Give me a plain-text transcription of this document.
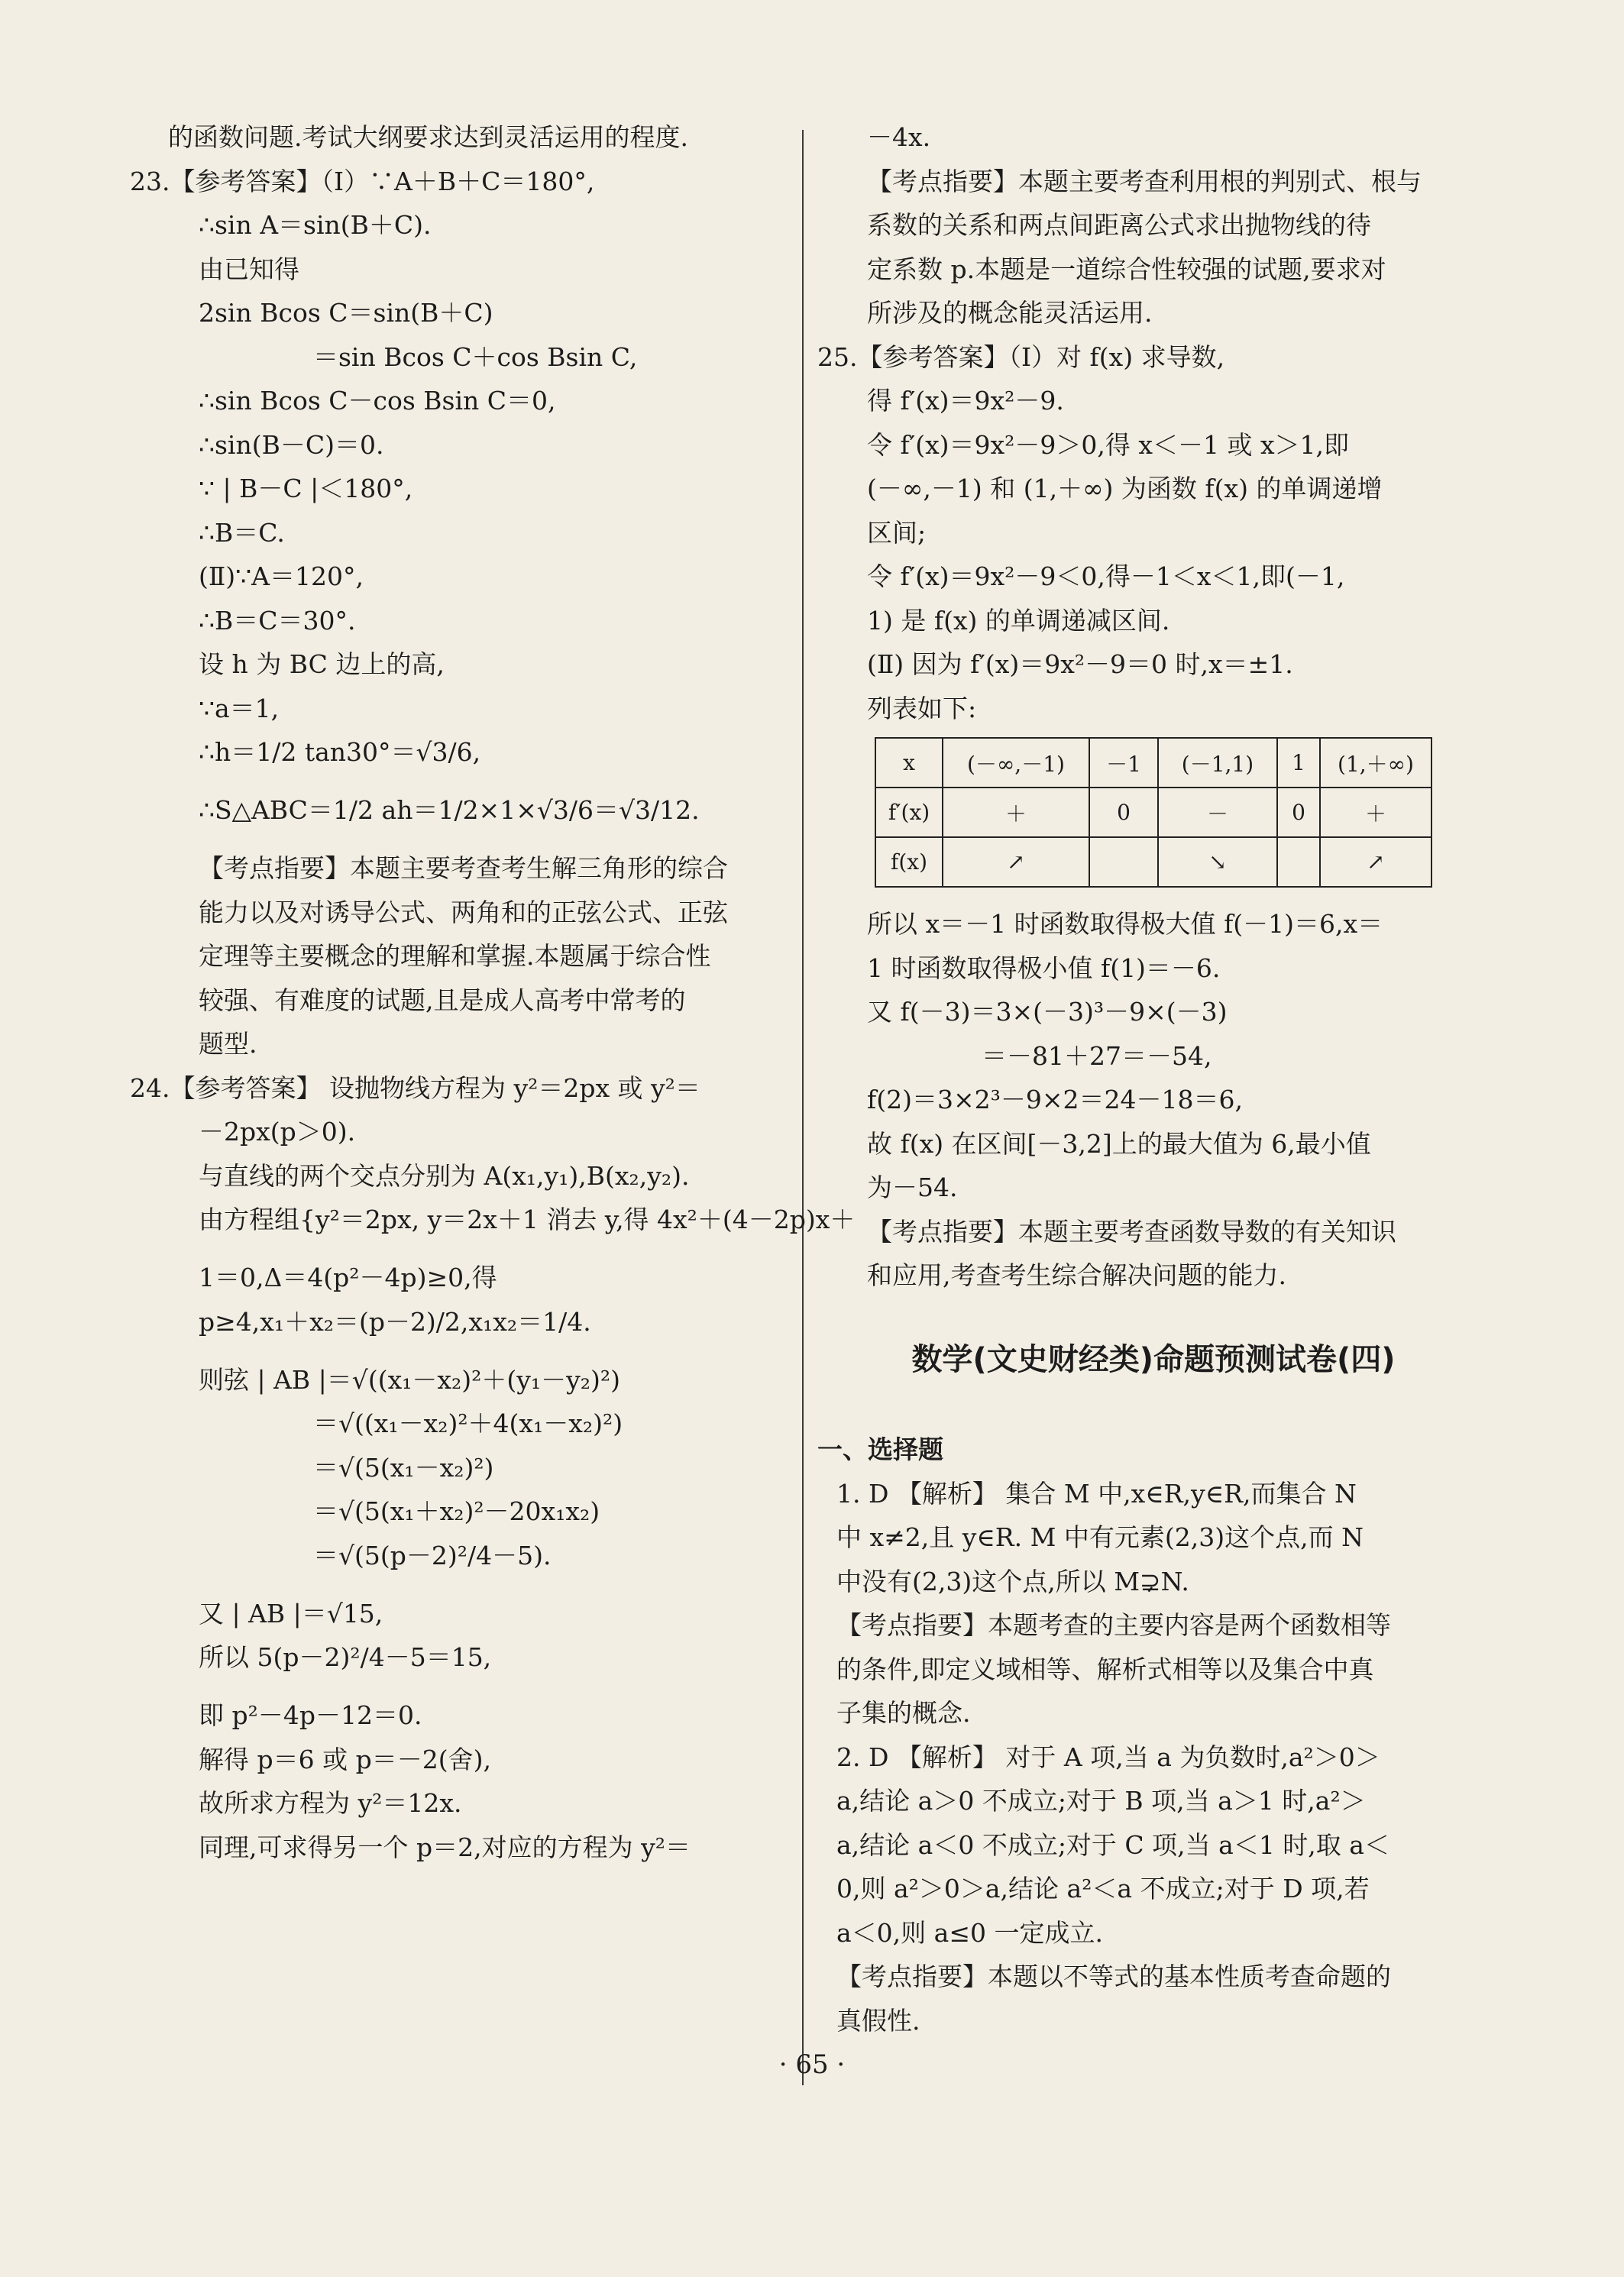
的函数问题.考试大纲要求达到灵活运用的程度.
23.【参考答案】（Ⅰ）∵A＋B＋C＝180°,
∴sin A＝sin(B＋C).
由已知得
2sin Bcos C＝sin(B＋C)
＝sin Bcos C＋cos Bsin C,
∴sin Bcos C－cos Bsin C＝0,
∴sin(B－C)＝0.
∵ | B－C |＜180°,
∴B＝C.
(Ⅱ)∵A＝120°,
∴B＝C＝30°.
设 h 为 BC 边上的高,
∵a＝1,
∴h＝1/2 tan30°＝√3/6,
∴S△ABC＝1/2 ah＝1/2×1×√3/6＝√3/12.
【考点指要】本题主要考查考生解三角形的综合
能力以及对诱导公式、两角和的正弦公式、正弦
定理等主要概念的理解和掌握.本题属于综合性
较强、有难度的试题,且是成人高考中常考的
题型.
24.【参考答案】 设抛物线方程为 y²＝2px 或 y²＝
－2px(p＞0).
与直线的两个交点分别为 A(x₁,y₁),B(x₂,y₂).
由方程组{y²＝2px, y＝2x＋1 消去 y,得 4x²＋(4－2p)x＋
1＝0,Δ＝4(p²－4p)≥0,得
p≥4,x₁＋x₂＝(p－2)/2,x₁x₂＝1/4.
则弦 | AB |＝√((x₁－x₂)²＋(y₁－y₂)²)
＝√((x₁－x₂)²＋4(x₁－x₂)²)
＝√(5(x₁－x₂)²)
＝√(5(x₁＋x₂)²－20x₁x₂)
＝√(5(p－2)²/4－5).
又 | AB |＝√15,
所以 5(p－2)²/4－5＝15,
即 p²－4p－12＝0.
解得 p＝6 或 p＝－2(舍),
故所求方程为 y²＝12x.
同理,可求得另一个 p＝2,对应的方程为 y²＝
－4x.
【考点指要】本题主要考查利用根的判别式、根与
系数的关系和两点间距离公式求出抛物线的待
定系数 p.本题是一道综合性较强的试题,要求对
所涉及的概念能灵活运用.
25.【参考答案】（Ⅰ）对 f(x) 求导数,
得 f′(x)＝9x²－9.
令 f′(x)＝9x²－9＞0,得 x＜－1 或 x＞1,即
(－∞,－1) 和 (1,＋∞) 为函数 f(x) 的单调递增
区间;
令 f′(x)＝9x²－9＜0,得－1＜x＜1,即(－1,
1) 是 f(x) 的单调递减区间.
(Ⅱ) 因为 f′(x)＝9x²－9＝0 时,x＝±1.
列表如下:
x	(－∞,－1)	－1	(－1,1)	1	(1,＋∞)
f′(x)	＋	0	－	0	＋
f(x)	↗		↘		↗
所以 x＝－1 时函数取得极大值 f(－1)＝6,x＝
1 时函数取得极小值 f(1)＝－6.
又 f(－3)＝3×(－3)³－9×(－3)
＝－81＋27＝－54,
f(2)＝3×2³－9×2＝24－18＝6,
故 f(x) 在区间[－3,2]上的最大值为 6,最小值
为－54.
【考点指要】本题主要考查函数导数的有关知识
和应用,考查考生综合解决问题的能力.
数学(文史财经类)命题预测试卷(四)
一、选择题
1. D 【解析】 集合 M 中,x∈R,y∈R,而集合 N
中 x≠2,且 y∈R. M 中有元素(2,3)这个点,而 N
中没有(2,3)这个点,所以 M⊋N.
【考点指要】本题考查的主要内容是两个函数相等
的条件,即定义域相等、解析式相等以及集合中真
子集的概念.
2. D 【解析】 对于 A 项,当 a 为负数时,a²＞0＞
a,结论 a＞0 不成立;对于 B 项,当 a＞1 时,a²＞
a,结论 a＜0 不成立;对于 C 项,当 a＜1 时,取 a＜
0,则 a²＞0＞a,结论 a²＜a 不成立;对于 D 项,若
a＜0,则 a≤0 一定成立.
【考点指要】本题以不等式的基本性质考查命题的
真假性.
· 65 ·
